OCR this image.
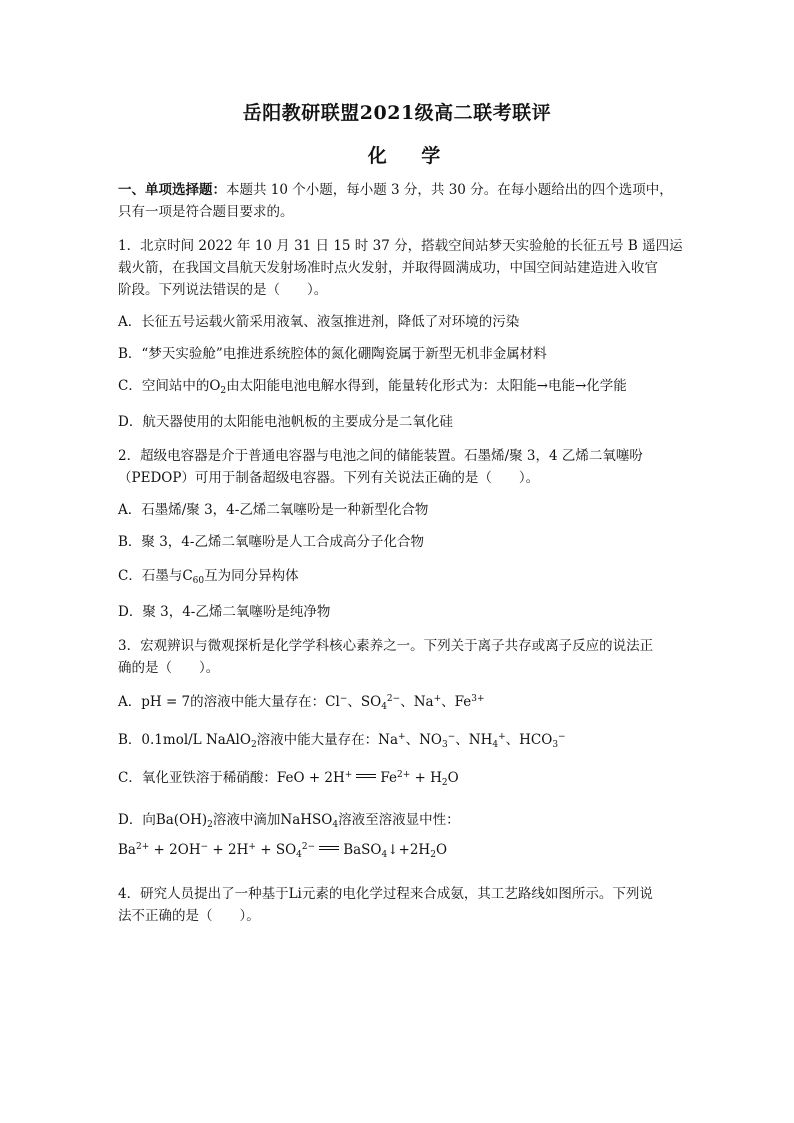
岳阳教研联盟2021级高二联考联评
化 学
一、单项选择题：本题共 10 个小题，每小题 3 分，共 30 分。在每小题给出的四个选项中，
只有一项是符合题目要求的。
1．北京时间 2022 年 10 月 31 日 15 时 37 分，搭载空间站梦天实验舱的长征五号 B 遥四运
载火箭，在我国文昌航天发射场准时点火发射，并取得圆满成功，中国空间站建造进入收官
阶段。下列说法错误的是（　　）。
A．长征五号运载火箭采用液氧、液氢推进剂，降低了对环境的污染
B．“梦天实验舱”电推进系统腔体的氮化硼陶瓷属于新型无机非金属材料
C．空间站中的$O_2$由太阳能电池电解水得到，能量转化形式为：太阳能→电能→化学能
D．航天器使用的太阳能电池帆板的主要成分是二氧化硅
2．超级电容器是介于普通电容器与电池之间的储能装置。石墨烯/聚 3，4 乙烯二氧噻吩
（PEDOP）可用于制备超级电容器。下列有关说法正确的是（　　）。
A．石墨烯/聚 3，4-乙烯二氧噻吩是一种新型化合物
B．聚 3，4-乙烯二氧噻吩是人工合成高分子化合物
C．石墨与$C_{60}$互为同分异构体
D．聚 3，4-乙烯二氧噻吩是纯净物
3．宏观辨识与微观探析是化学学科核心素养之一。下列关于离子共存或离子反应的说法正
确的是（　　）。
A．pH = 7的溶液中能大量存在：Cl−、$SO_4^{2-}$、Na+、$Fe^{3+}$
B．0.1mol/L NaAlO$_2$溶液中能大量存在：Na+、$NO_3^-$、$NH_4^+$、$HCO_3^-$
C．氧化亚铁溶于稀硝酸：FeO + 2H+ $Fe^{2+} + H_2O$
D．向$Ba(OH)_2$溶液中滴加NaHSO$_4$溶液至溶液显中性：
$Ba^{2+} + 2OH^- + 2H^+ + SO_4^{2-}$ $BaSO_4↓+2H_2O$
4．研究人员提出了一种基于Li元素的电化学过程来合成氨，其工艺路线如图所示。下列说
法不正确的是（　　）。
